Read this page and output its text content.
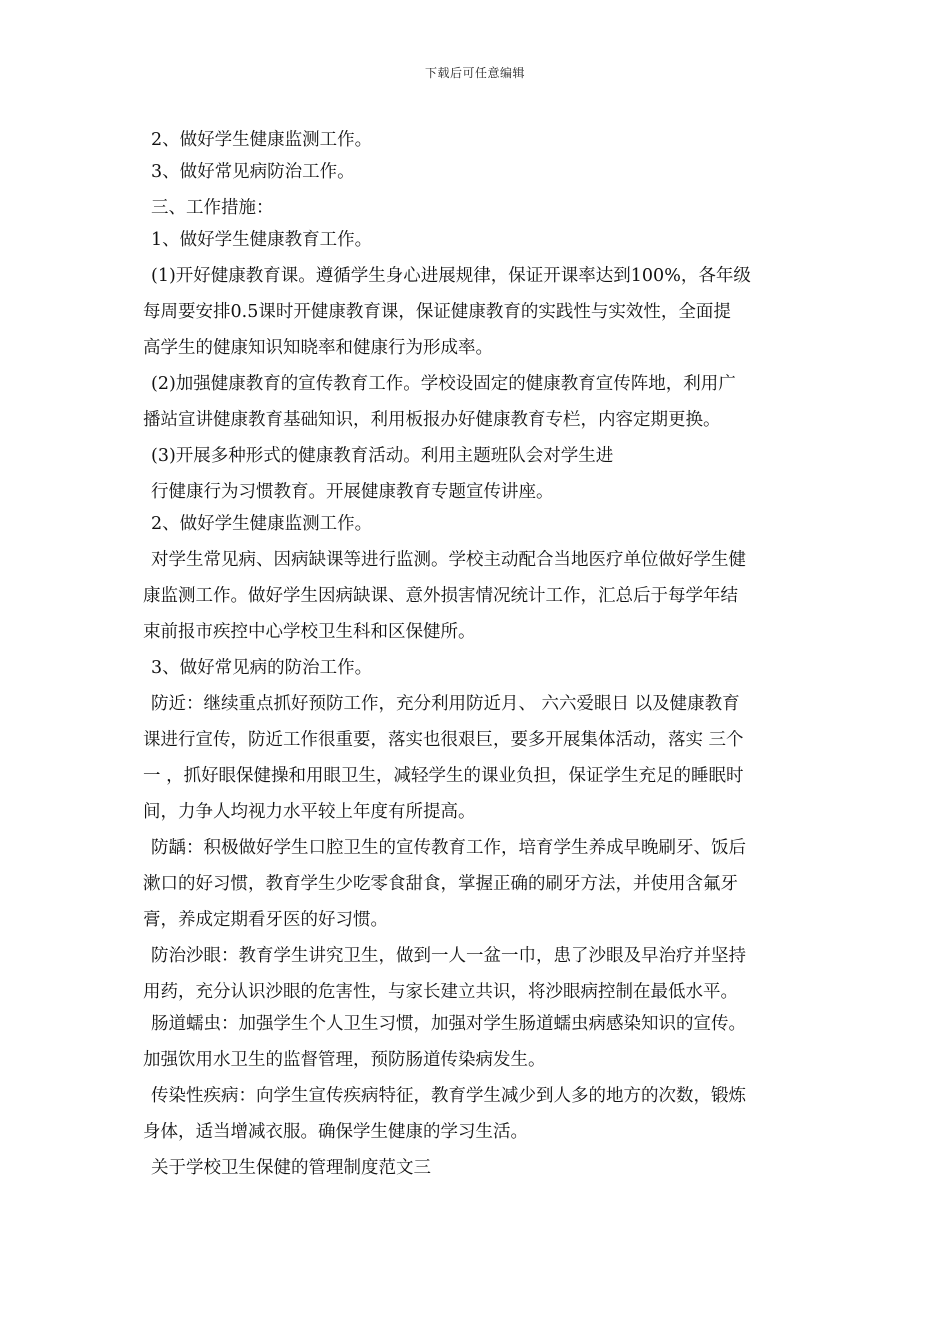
下载后可任意编辑
2、做好学生健康监测工作。
3、做好常见病防治工作。
三、工作措施：
1、做好学生健康教育工作。
(1)开好健康教育课。遵循学生身心进展规律，保证开课率达到100%，各年级
每周要安排0.5课时开健康教育课，保证健康教育的实践性与实效性，全面提
高学生的健康知识知晓率和健康行为形成率。
(2)加强健康教育的宣传教育工作。学校设固定的健康教育宣传阵地，利用广
播站宣讲健康教育基础知识，利用板报办好健康教育专栏，内容定期更换。
(3)开展多种形式的健康教育活动。利用主题班队会对学生进
行健康行为习惯教育。开展健康教育专题宣传讲座。
2、做好学生健康监测工作。
对学生常见病、因病缺课等进行监测。学校主动配合当地医疗单位做好学生健
康监测工作。做好学生因病缺课、意外损害情况统计工作，汇总后于每学年结
束前报市疾控中心学校卫生科和区保健所。
3、做好常见病的防治工作。
防近：继续重点抓好预防工作，充分利用防近月、 六六爱眼日 以及健康教育
课进行宣传，防近工作很重要，落实也很艰巨，要多开展集体活动，落实 三个
一 ，抓好眼保健操和用眼卫生，减轻学生的课业负担，保证学生充足的睡眠时
间，力争人均视力水平较上年度有所提高。
防龋：积极做好学生口腔卫生的宣传教育工作，培育学生养成早晚刷牙、饭后
漱口的好习惯，教育学生少吃零食甜食，掌握正确的刷牙方法，并使用含氟牙
膏，养成定期看牙医的好习惯。
防治沙眼：教育学生讲究卫生，做到一人一盆一巾，患了沙眼及早治疗并坚持
用药，充分认识沙眼的危害性，与家长建立共识，将沙眼病控制在最低水平。
肠道蠕虫：加强学生个人卫生习惯，加强对学生肠道蠕虫病感染知识的宣传。
加强饮用水卫生的监督管理，预防肠道传染病发生。
传染性疾病：向学生宣传疾病特征，教育学生减少到人多的地方的次数，锻炼
身体，适当增减衣服。确保学生健康的学习生活。
关于学校卫生保健的管理制度范文三
